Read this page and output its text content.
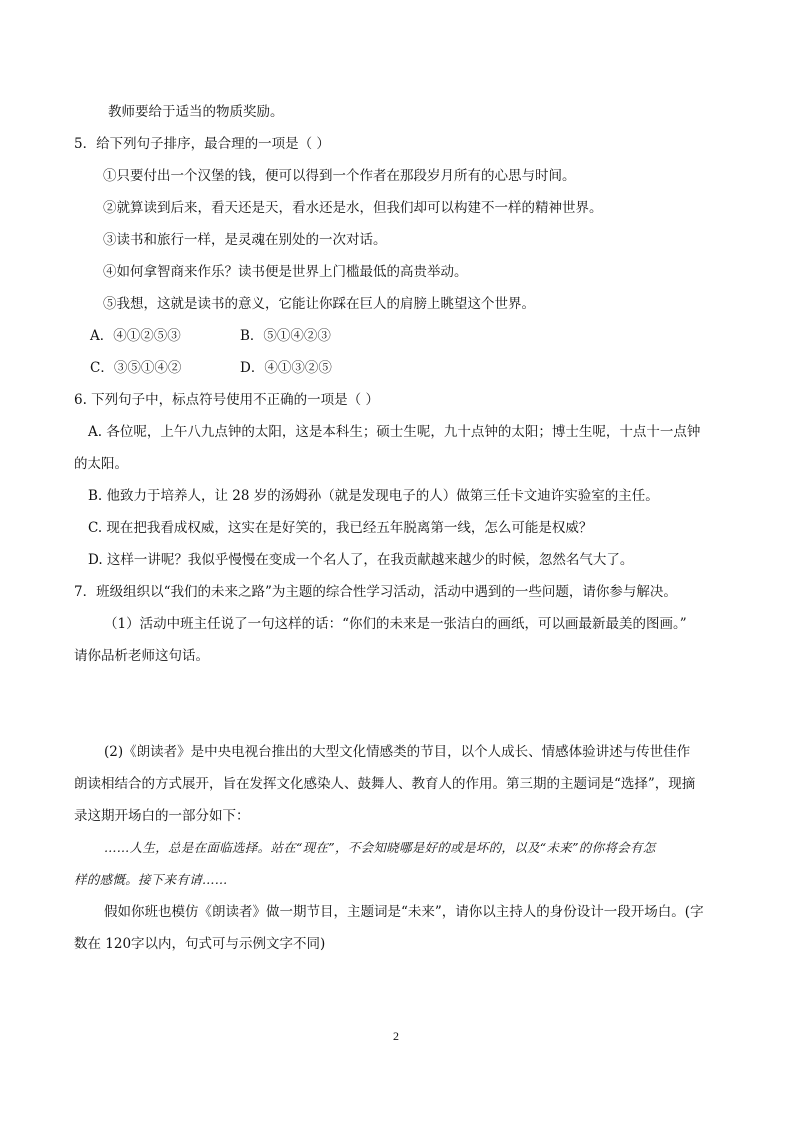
教师要给于适当的物质奖励。
5．给下列句子排序，最合理的一项是（ ）
①只要付出一个汉堡的钱，便可以得到一个作者在那段岁月所有的心思与时间。
②就算读到后来，看天还是天，看水还是水，但我们却可以构建不一样的精神世界。
③读书和旅行一样，是灵魂在别处的一次对话。
④如何拿智商来作乐？读书便是世界上门槛最低的高贵举动。
⑤我想，这就是读书的意义，它能让你踩在巨人的肩膀上眺望这个世界。
A．④①②⑤③	B．⑤①④②③
C．③⑤①④②	D．④①③②⑤
6. 下列句子中，标点符号使用不正确的一项是（ ）
A. 各位呢，上午八九点钟的太阳，这是本科生；硕士生呢，九十点钟的太阳；博士生呢，十点十一点钟
的太阳。
B. 他致力于培养人，让 28 岁的汤姆孙（就是发现电子的人）做第三任卡文迪许实验室的主任。
C. 现在把我看成权威，这实在是好笑的，我已经五年脱离第一线，怎么可能是权威？
D. 这样一讲呢？我似乎慢慢在变成一个名人了，在我贡献越来越少的时候，忽然名气大了。
7．班级组织以“我们的未来之路”为主题的综合性学习活动，活动中遇到的一些问题，请你参与解决。
（1）活动中班主任说了一句这样的话：“你们的未来是一张洁白的画纸，可以画最新最美的图画。”
请你品析老师这句话。
(2)《朗读者》是中央电视台推出的大型文化情感类的节目，以个人成长、情感体验讲述与传世佳作
朗读相结合的方式展开，旨在发挥文化感染人、鼓舞人、教育人的作用。第三期的主题词是“选择”，现摘
录这期开场白的一部分如下：
……人生，总是在面临选择。站在“现在”，不会知晓哪是好的或是坏的，以及“未来”的你将会有怎
样的感慨。接下来有请……
假如你班也模仿《朗读者》做一期节目，主题词是“未来”，请你以主持人的身份设计一段开场白。(字
数在 120字以内，句式可与示例文字不同)
2
